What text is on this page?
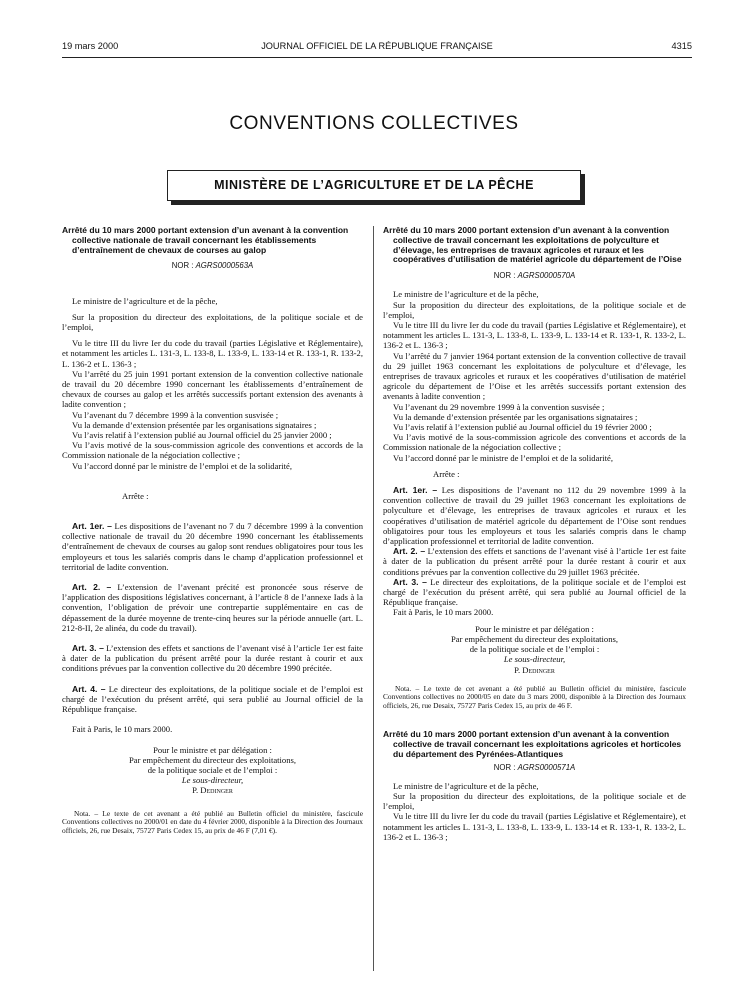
19 mars 2000	JOURNAL OFFICIEL DE LA RÉPUBLIQUE FRANÇAISE	4315
CONVENTIONS COLLECTIVES
MINISTÈRE DE L’AGRICULTURE ET DE LA PÊCHE

Arrêté du 10 mars 2000 portant extension d’un avenant à la convention collective nationale de travail concernant les établissements d’entraînement de chevaux de courses au galop

NOR : AGRS0000563A

Le ministre de l’agriculture et de la pêche,

Sur la proposition du directeur des exploitations, de la politique sociale et de l’emploi,

Vu le titre III du livre Ier du code du travail (parties Législative et Réglementaire), et notamment les articles L. 131-3, L. 133-8, L. 133-9, L. 133-14 et R. 133-1, R. 133-2, L. 136-2 et L. 136-3 ;

Vu l’arrêté du 25 juin 1991 portant extension de la convention collective nationale de travail du 20 décembre 1990 concernant les établissements d’entraînement de chevaux de courses au galop et les arrêtés successifs portant extension des avenants à ladite convention ;

Vu l’avenant du 7 décembre 1999 à la convention susvisée ;

Vu la demande d’extension présentée par les organisations signataires ;

Vu l’avis relatif à l’extension publié au Journal officiel du 25 janvier 2000 ;

Vu l’avis motivé de la sous-commission agricole des conventions et accords de la Commission nationale de la négociation collective ;

Vu l’accord donné par le ministre de l’emploi et de la solidarité,

Arrête :

Art. 1er. – Les dispositions de l’avenant no 7 du 7 décembre 1999 à la convention collective nationale de travail du 20 décembre 1990 concernant les établissements d’entraînement de chevaux de courses au galop sont rendues obligatoires pour tous les employeurs et tous les salariés compris dans le champ d’application professionnel et territorial de ladite convention.

Art. 2. – L’extension de l’avenant précité est prononcée sous réserve de l’application des dispositions législatives concernant, à l’article 8 de l’annexe Iads à la convention, l’obligation de prévoir une contrepartie supplémentaire en cas de dépassement de la durée moyenne de trente-cinq heures sur la période annuelle (art. L. 212-8-II, 2e alinéa, du code du travail).

Art. 3. – L’extension des effets et sanctions de l’avenant visé à l’article 1er est faite à dater de la publication du présent arrêté pour la durée restant à courir et aux conditions prévues par la convention collective du 20 décembre 1990 précitée.

Art. 4. – Le directeur des exploitations, de la politique sociale et de l’emploi est chargé de l’exécution du présent arrêté, qui sera publié au Journal officiel de la République française.

Fait à Paris, le 10 mars 2000.

Pour le ministre et par délégation :

Par empêchement du directeur des exploitations,

de la politique sociale et de l’emploi :

Le sous-directeur,

P. Dedinger

Nota. – Le texte de cet avenant a été publié au Bulletin officiel du ministère, fascicule Conventions collectives no 2000/01 en date du 4 février 2000, disponible à la Direction des Journaux officiels, 26, rue Desaix, 75727 Paris Cedex 15, au prix de 46 F (7,01 €).

Arrêté du 10 mars 2000 portant extension d’un avenant à la convention collective de travail concernant les exploitations de polyculture et d’élevage, les entreprises de travaux agricoles et ruraux et les coopératives d’utilisation de matériel agricole du département de l’Oise

NOR : AGRS0000570A

Le ministre de l’agriculture et de la pêche,

Sur la proposition du directeur des exploitations, de la politique sociale et de l’emploi,

Vu le titre III du livre Ier du code du travail (parties Législative et Réglementaire), et notamment les articles L. 131-3, L. 133-8, L. 133-9, L. 133-14 et R. 133-1, R. 133-2, L. 136-2 et L. 136-3 ;

Vu l’arrêté du 7 janvier 1964 portant extension de la convention collective de travail du 29 juillet 1963 concernant les exploitations de polyculture et d’élevage, les entreprises de travaux agricoles et ruraux et les coopératives d’utilisation de matériel agricole du département de l’Oise et les arrêtés successifs portant extension des avenants à ladite convention ;

Vu l’avenant du 29 novembre 1999 à la convention susvisée ;

Vu la demande d’extension présentée par les organisations signataires ;

Vu l’avis relatif à l’extension publié au Journal officiel du 19 février 2000 ;

Vu l’avis motivé de la sous-commission agricole des conventions et accords de la Commission nationale de la négociation collective ;

Vu l’accord donné par le ministre de l’emploi et de la solidarité,

Arrête :

Art. 1er. – Les dispositions de l’avenant no 112 du 29 novembre 1999 à la convention collective de travail du 29 juillet 1963 concernant les exploitations de polyculture et d’élevage, les entreprises de travaux agricoles et ruraux et les coopératives d’utilisation de matériel agricole du département de l’Oise sont rendues obligatoires pour tous les employeurs et tous les salariés compris dans le champ d’application professionnel et territorial de ladite convention.

Art. 2. – L’extension des effets et sanctions de l’avenant visé à l’article 1er est faite à dater de la publication du présent arrêté pour la durée restant à courir et aux conditions prévues par la convention collective du 29 juillet 1963 précitée.

Art. 3. – Le directeur des exploitations, de la politique sociale et de l’emploi est chargé de l’exécution du présent arrêté, qui sera publié au Journal officiel de la République française.

Fait à Paris, le 10 mars 2000.

Pour le ministre et par délégation :

Par empêchement du directeur des exploitations,

de la politique sociale et de l’emploi :

Le sous-directeur,

P. Dedinger

Nota. – Le texte de cet avenant a été publié au Bulletin officiel du ministère, fascicule Conventions collectives no 2000/05 en date du 3 mars 2000, disponible à la Direction des Journaux officiels, 26, rue Desaix, 75727 Paris Cedex 15, au prix de 46 F.

Arrêté du 10 mars 2000 portant extension d’un avenant à la convention collective de travail concernant les exploitations agricoles et horticoles du département des Pyrénées-Atlantiques

NOR : AGRS0000571A

Le ministre de l’agriculture et de la pêche,

Sur la proposition du directeur des exploitations, de la politique sociale et de l’emploi,

Vu le titre III du livre Ier du code du travail (parties Législative et Réglementaire), et notamment les articles L. 131-3, L. 133-8, L. 133-9, L. 133-14 et R. 133-1, R. 133-2, L. 136-2 et L. 136-3 ;
